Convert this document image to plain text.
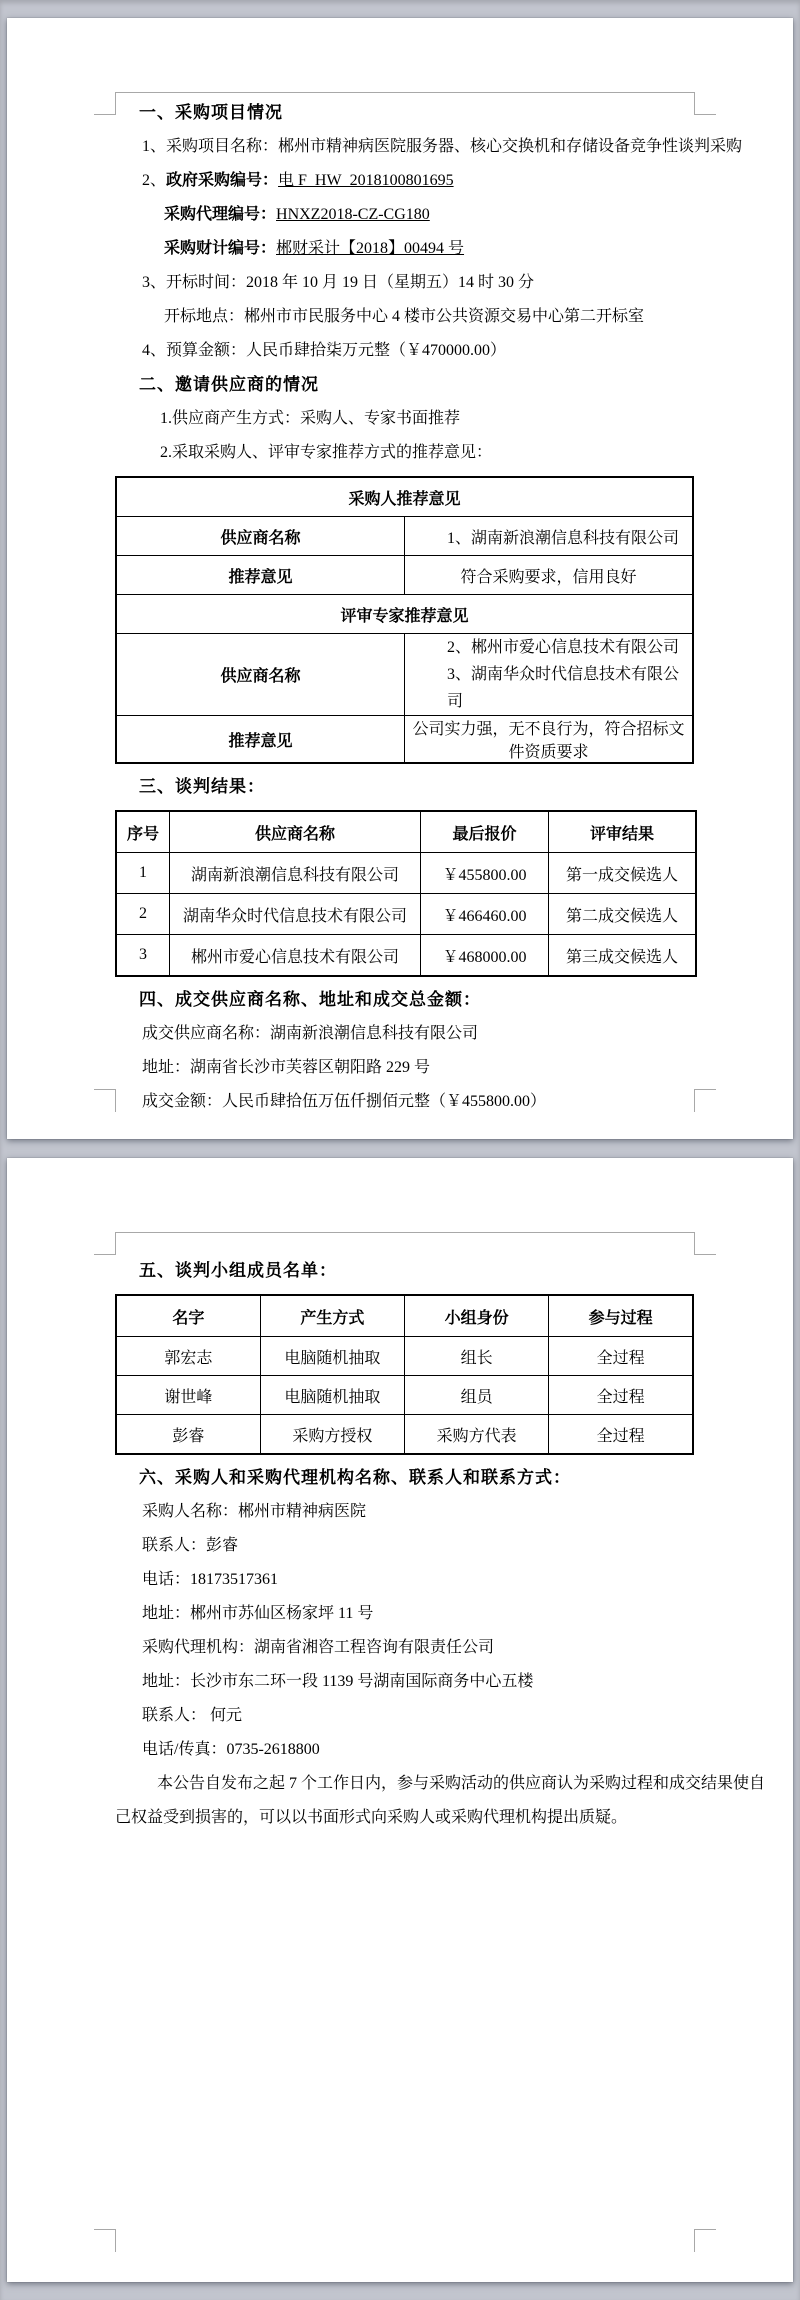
一、采购项目情况
1、采购项目名称：郴州市精神病医院服务器、核心交换机和存储设备竞争性谈判采购
2、政府采购编号：电 F_HW_2018100801695
采购代理编号：HNXZ2018-CZ-CG180
采购财计编号：郴财采计【2018】00494 号
3、开标时间：2018 年 10 月 19 日（星期五）14 时 30 分
开标地点：郴州市市民服务中心 4 楼市公共资源交易中心第二开标室
4、预算金额：人民币肆拾柒万元整（￥470000.00）
二、邀请供应商的情况
1.供应商产生方式：采购人、专家书面推荐
2.采取采购人、评审专家推荐方式的推荐意见：
采购人推荐意见	
供应商名称	1、湖南新浪潮信息科技有限公司
推荐意见	符合采购要求，信用良好
评审专家推荐意见	
供应商名称	2、郴州市爱心信息技术有限公司
3、湖南华众时代信息技术有限公司

推荐意见	公司实力强，无不良行为，符合招标文件资质要求
三、谈判结果：
序号	供应商名称	最后报价	评审结果
1	湖南新浪潮信息科技有限公司	￥455800.00	第一成交候选人
2	湖南华众时代信息技术有限公司	￥466460.00	第二成交候选人
3	郴州市爱心信息技术有限公司	￥468000.00	第三成交候选人
四、成交供应商名称、地址和成交总金额：
成交供应商名称：湖南新浪潮信息科技有限公司
地址：湖南省长沙市芙蓉区朝阳路 229 号
成交金额：人民币肆拾伍万伍仟捌佰元整（￥455800.00）
五、谈判小组成员名单：
名字	产生方式	小组身份	参与过程
郭宏志	电脑随机抽取	组长	全过程
谢世峰	电脑随机抽取	组员	全过程
彭睿	采购方授权	采购方代表	全过程
六、采购人和采购代理机构名称、联系人和联系方式：
采购人名称：郴州市精神病医院
联系人：彭睿
电话：18173517361
地址：郴州市苏仙区杨家坪 11 号
采购代理机构：湖南省湘咨工程咨询有限责任公司
地址：长沙市东二环一段 1139 号湖南国际商务中心五楼
联系人： 何元
电话/传真：0735-2618800
本公告自发布之起 7 个工作日内，参与采购活动的供应商认为采购过程和成交结果使自
己权益受到损害的，可以以书面形式向采购人或采购代理机构提出质疑。
